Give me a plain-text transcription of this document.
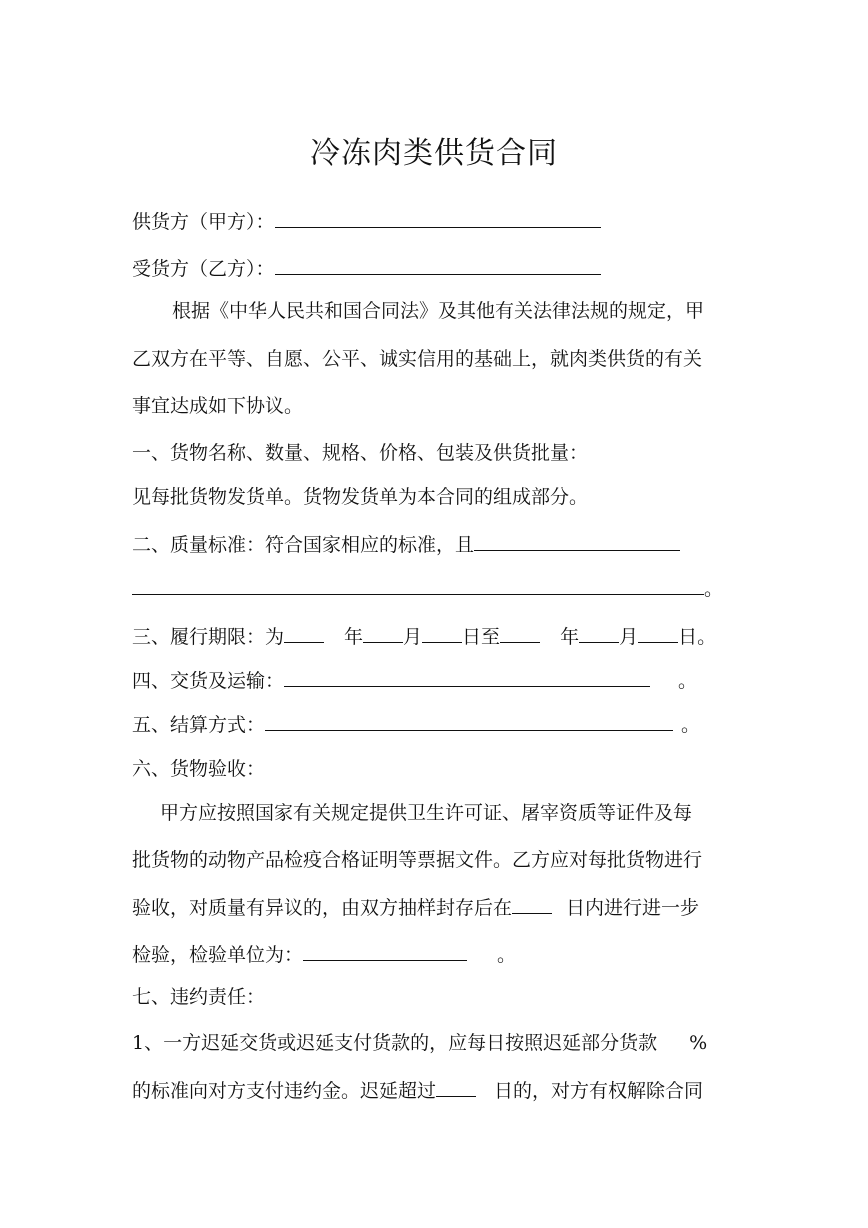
冷冻肉类供货合同
供货方（甲方）：
受货方（乙方）：
根据《中华人民共和国合同法》及其他有关法律法规的规定，甲
乙双方在平等、自愿、公平、诚实信用的基础上，就肉类供货的有关
事宜达成如下协议。
一、货物名称、数量、规格、价格、包装及供货批量：
见每批货物发货单。货物发货单为本合同的组成部分。
二、质量标准：符合国家相应的标准，且
。
三、履行期限：为	年 月 日至	年 月 日。
四、交货及运输：	。
五、结算方式：	。
六、货物验收：
甲方应按照国家有关规定提供卫生许可证、屠宰资质等证件及每
批货物的动物产品检疫合格证明等票据文件。乙方应对每批货物进行
验收，对质量有异议的，由双方抽样封存后在	日内进行进一步
检验，检验单位为：	。
七、违约责任：
1、一方迟延交货或迟延支付货款的，应每日按照迟延部分货款 %
的标准向对方支付违约金。迟延超过	日的，对方有权解除合同
